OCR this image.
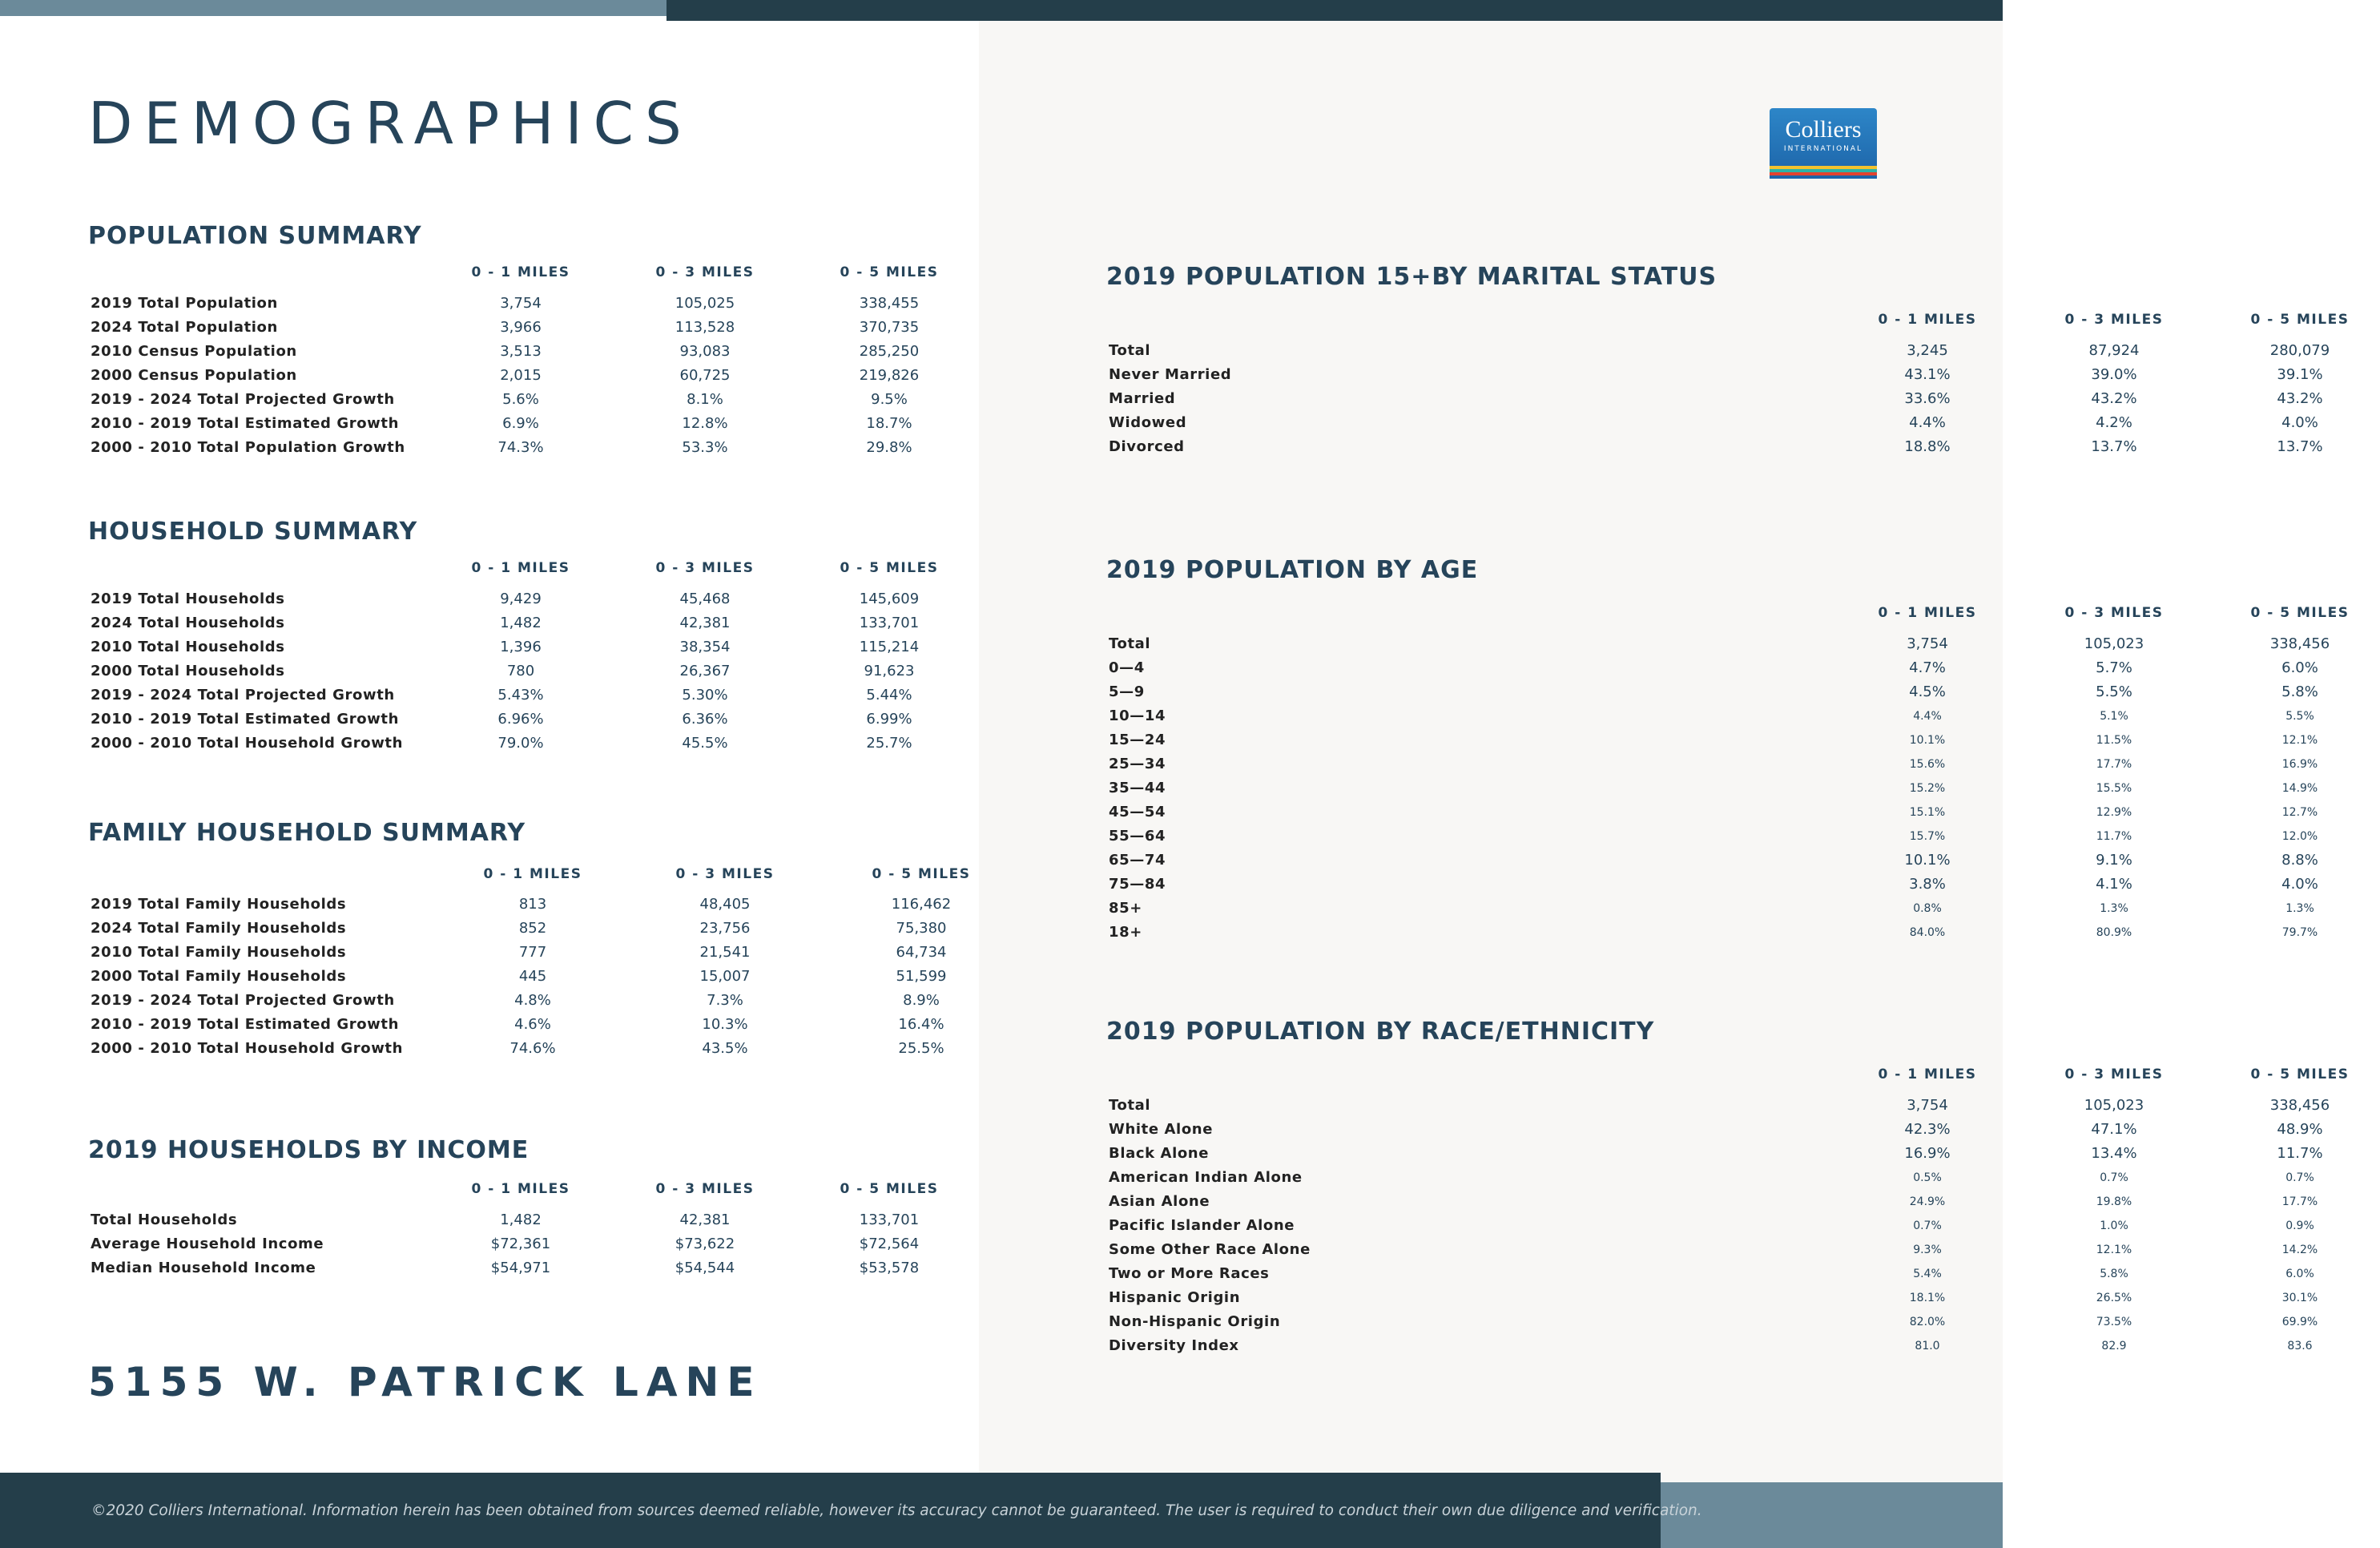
DEMOGRAPHICS	Colliers
INTERNATIONAL
POPULATION SUMMARY
0 - 1 MILES	0 - 3 MILES	0 - 5 MILES
2019 Total Population	3,754	105,025	338,455
2024 Total Population	3,966	113,528	370,735
2010 Census Population	3,513	93,083	285,250
2000 Census Population	2,015	60,725	219,826
2019 - 2024 Total Projected Growth	5.6%	8.1%	9.5%
2010 - 2019 Total Estimated Growth	6.9%	12.8%	18.7%
2000 - 2010 Total Population Growth	74.3%	53.3%	29.8%
HOUSEHOLD SUMMARY
0 - 1 MILES	0 - 3 MILES	0 - 5 MILES
2019 Total Households	9,429	45,468	145,609
2024 Total Households	1,482	42,381	133,701
2010 Total Households	1,396	38,354	115,214
2000 Total Households	780	26,367	91,623
2019 - 2024 Total Projected Growth	5.43%	5.30%	5.44%
2010 - 2019 Total Estimated Growth	6.96%	6.36%	6.99%
2000 - 2010 Total Household Growth	79.0%	45.5%	25.7%
FAMILY HOUSEHOLD SUMMARY
0 - 1 MILES	0 - 3 MILES	0 - 5 MILES
2019 Total Family Households	813	48,405	116,462
2024 Total Family Households	852	23,756	75,380
2010 Total Family Households	777	21,541	64,734
2000 Total Family Households	445	15,007	51,599
2019 - 2024 Total Projected Growth	4.8%	7.3%	8.9%
2010 - 2019 Total Estimated Growth	4.6%	10.3%	16.4%
2000 - 2010 Total Household Growth	74.6%	43.5%	25.5%
2019 HOUSEHOLDS BY INCOME
0 - 1 MILES	0 - 3 MILES	0 - 5 MILES
Total Households	1,482	42,381	133,701
Average Household Income	$72,361	$73,622	$72,564
Median Household Income	$54,971	$54,544	$53,578
2019 POPULATION 15+BY MARITAL STATUS
0 - 1 MILES	0 - 3 MILES	0 - 5 MILES
Total	3,245	87,924	280,079
Never Married	43.1%	39.0%	39.1%
Married	33.6%	43.2%	43.2%
Widowed	4.4%	4.2%	4.0%
Divorced	18.8%	13.7%	13.7%
2019 POPULATION BY AGE
0 - 1 MILES	0 - 3 MILES	0 - 5 MILES
Total	3,754	105,023	338,456
0—4	4.7%	5.7%	6.0%
5—9	4.5%	5.5%	5.8%
10—14	4.4%	5.1%	5.5%
15—24	10.1%	11.5%	12.1%
25—34	15.6%	17.7%	16.9%
35—44	15.2%	15.5%	14.9%
45—54	15.1%	12.9%	12.7%
55—64	15.7%	11.7%	12.0%
65—74	10.1%	9.1%	8.8%
75—84	3.8%	4.1%	4.0%
85+	0.8%	1.3%	1.3%
18+	84.0%	80.9%	79.7%
2019 POPULATION BY RACE/ETHNICITY
0 - 1 MILES	0 - 3 MILES	0 - 5 MILES
Total	3,754	105,023	338,456
White Alone	42.3%	47.1%	48.9%
Black Alone	16.9%	13.4%	11.7%
American Indian Alone	0.5%	0.7%	0.7%
Asian Alone	24.9%	19.8%	17.7%
Pacific Islander Alone	0.7%	1.0%	0.9%
Some Other Race Alone	9.3%	12.1%	14.2%
Two or More Races	5.4%	5.8%	6.0%
Hispanic Origin	18.1%	26.5%	30.1%
Non-Hispanic Origin	82.0%	73.5%	69.9%
Diversity Index	81.0	82.9	83.6
5155 W. PATRICK LANE
©2020 Colliers International. Information herein has been obtained from sources deemed reliable, however its accuracy cannot be guaranteed. The user is required to conduct their own due diligence and verification.
